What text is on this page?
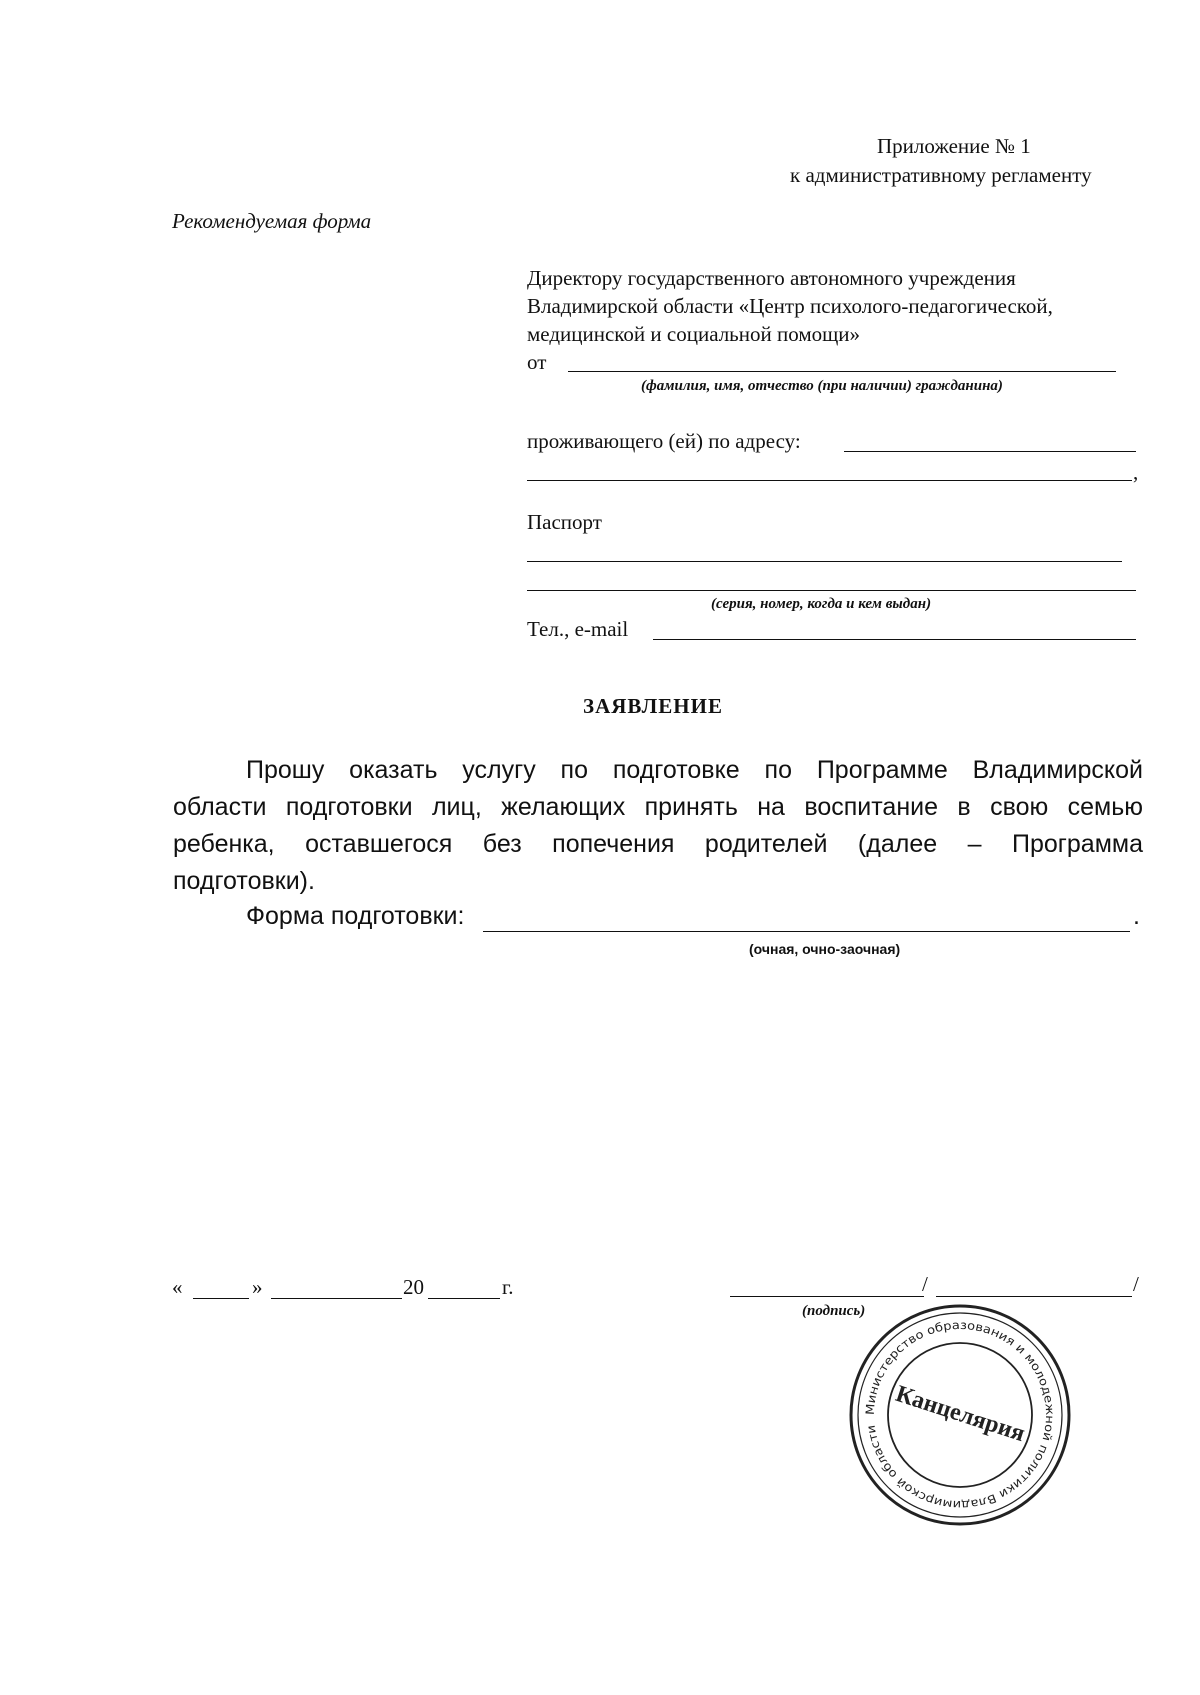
Приложение № 1
к административному регламенту
Рекомендуемая форма
Директору государственного автономного учреждения
Владимирской области «Центр психолого-педагогической,
медицинской и социальной помощи»
от
(фамилия, имя, отчество (при наличии) гражданина)
проживающего (ей) по адресу:
,
Паспорт
(серия, номер, когда и кем выдан)
Тел., e-mail
ЗАЯВЛЕНИЕ
Прошу оказать услугу по подготовке по Программе Владимирской
области подготовки лиц, желающих принять на воспитание в свою семью
ребенка, оставшегося без попечения родителей (далее – Программа
подготовки).
Форма подготовки:	.
(очная, очно-заочная)
«	»	20	г.	/	/
(подпись)
Министерство образования и молодежной политики Владимирской области Канцелярия
